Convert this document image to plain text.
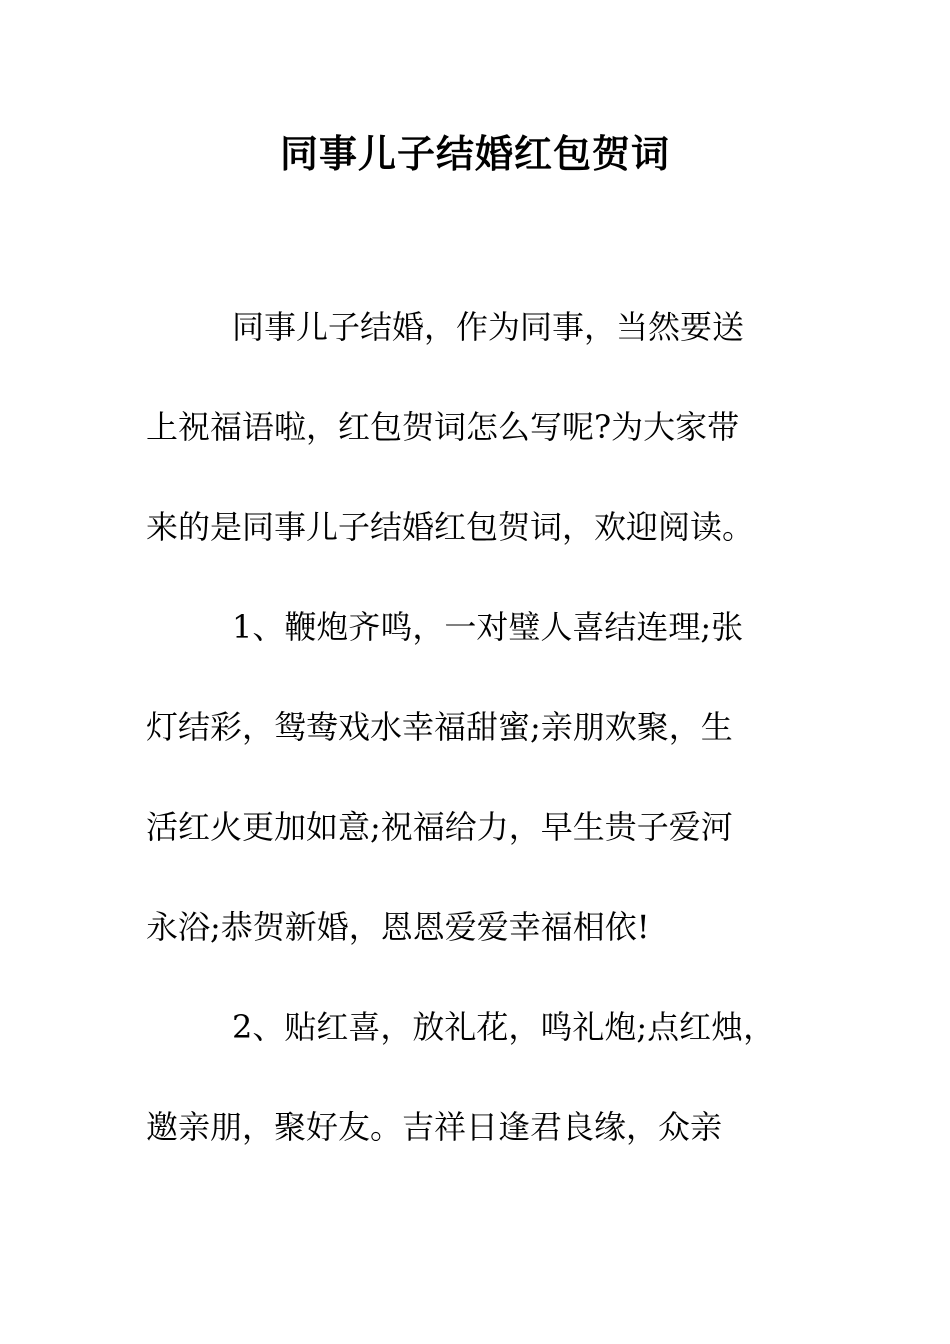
同事儿子结婚红包贺词
同事儿子结婚，作为同事，当然要送
上祝福语啦，红包贺词怎么写呢?为大家带
来的是同事儿子结婚红包贺词，欢迎阅读。
1、鞭炮齐鸣，一对璧人喜结连理;张
灯结彩，鸳鸯戏水幸福甜蜜;亲朋欢聚，生
活红火更加如意;祝福给力，早生贵子爱河
永浴;恭贺新婚，恩恩爱爱幸福相依!
2、贴红喜，放礼花，鸣礼炮;点红烛，
邀亲朋，聚好友。吉祥日逢君良缘，众亲
